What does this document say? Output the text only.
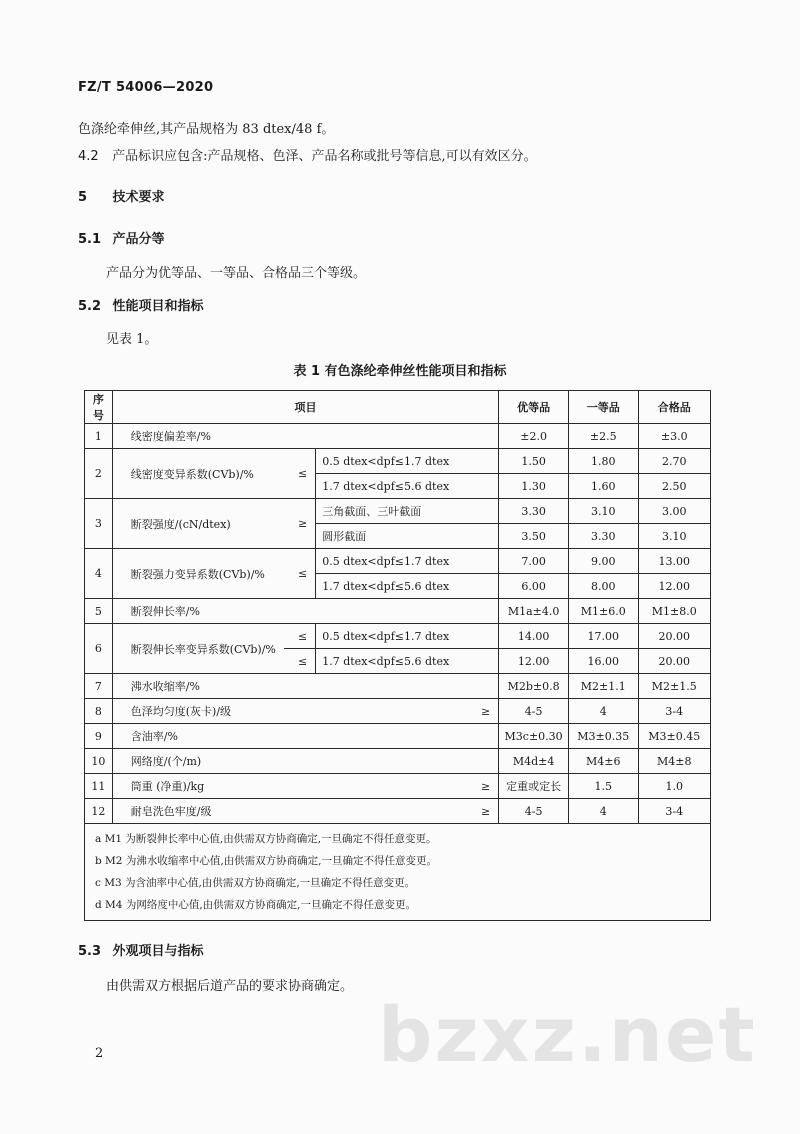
FZ/T 54006—2020
色涤纶牵伸丝,其产品规格为 83 dtex/48 f。
4.2 产品标识应包含:产品规格、色泽、产品名称或批号等信息,可以有效区分。
5 技术要求
5.1 产品分等
产品分为优等品、一等品、合格品三个等级。
5.2 性能项目和指标
见表 1。
表 1 有色涤纶牵伸丝性能项目和指标
序号	项目			优等品	一等品	合格品
1	线密度偏差率/%			±2.0	±2.5	±3.0
2	线密度变异系数(CVb)/%	≤	0.5 dtex<dpf≤1.7 dtex	1.50	1.80	2.70
			1.7 dtex<dpf≤5.6 dtex	1.30	1.60	2.50
3	断裂强度/(cN/dtex)	≥	三角截面、三叶截面	3.30	3.10	3.00
			圆形截面	3.50	3.30	3.10
4	断裂强力变异系数(CVb)/%	≤	0.5 dtex<dpf≤1.7 dtex	7.00	9.00	13.00
			1.7 dtex<dpf≤5.6 dtex	6.00	8.00	12.00
5	断裂伸长率/%			M1a±4.0	M1±6.0	M1±8.0
6	断裂伸长率变异系数(CVb)/%	≤	0.5 dtex<dpf≤1.7 dtex	14.00	17.00	20.00
		≤	1.7 dtex<dpf≤5.6 dtex	12.00	16.00	20.00
7	沸水收缩率/%			M2b±0.8	M2±1.1	M2±1.5
8	色泽均匀度(灰卡)/级		≥	4-5	4	3-4
9	含油率/%			M3c±0.30	M3±0.35	M3±0.45
10	网络度/(个/m)			M4d±4	M4±6	M4±8
11	筒重 (净重)/kg		≥	定重或定长	1.5	1.0
12	耐皂洗色牢度/级		≥	4-5	4	3-4

a M1 为断裂伸长率中心值,由供需双方协商确定,一旦确定不得任意变更。
b M2 为沸水收缩率中心值,由供需双方协商确定,一旦确定不得任意变更。
c M3 为含油率中心值,由供需双方协商确定,一旦确定不得任意变更。
d M4 为网络度中心值,由供需双方协商确定,一旦确定不得任意变更。						
5.3 外观项目与指标
由供需双方根据后道产品的要求协商确定。
bzxz.net
2
